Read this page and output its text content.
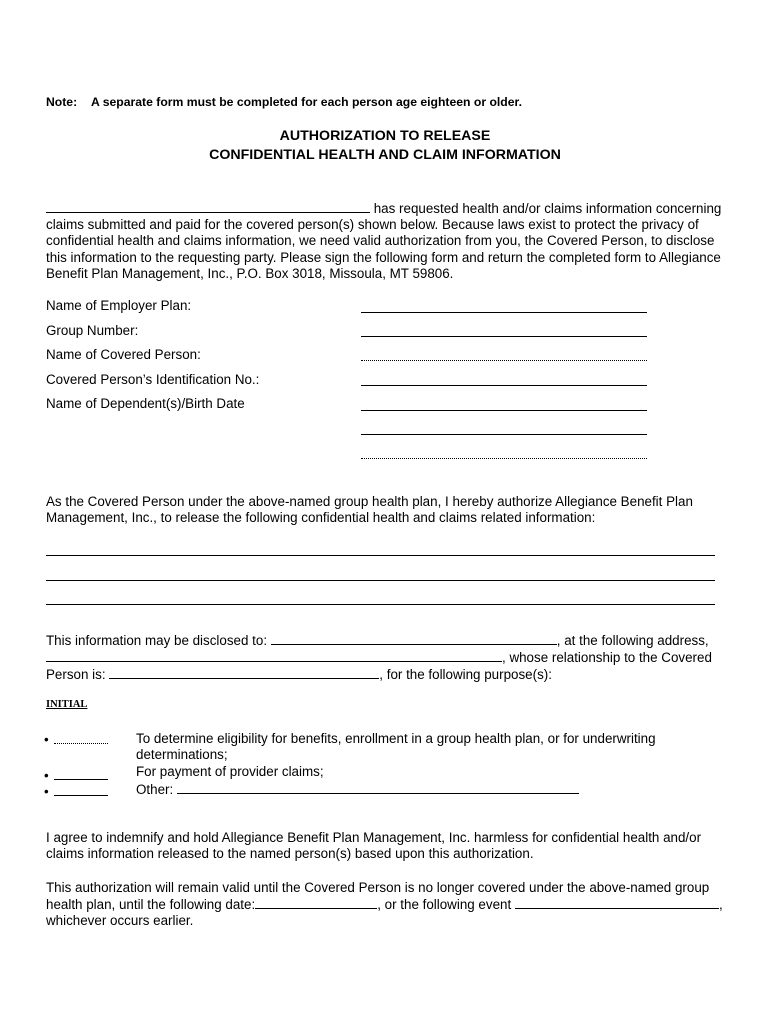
Note: A separate form must be completed for each person age eighteen or older.
AUTHORIZATION TO RELEASE
CONFIDENTIAL HEALTH AND CLAIM INFORMATION
has requested health and/or claims information concerning claims submitted and paid for the covered person(s) shown below. Because laws exist to protect the privacy of confidential health and claims information, we need valid authorization from you, the Covered Person, to disclose this information to the requesting party. Please sign the following form and return the completed form to Allegiance Benefit Plan Management, Inc., P.O. Box 3018, Missoula, MT 59806.
Name of Employer Plan:
Group Number:
Name of Covered Person:
Covered Person’s Identification No.:
Name of Dependent(s)/Birth Date
As the Covered Person under the above-named group health plan, I hereby authorize Allegiance Benefit Plan Management, Inc., to release the following confidential health and claims related information:
This information may be disclosed to:	, at the following address,
, whose relationship to the Covered
Person is:	, for the following purpose(s):
INITIAL
•
•
•
To determine eligibility for benefits, enrollment in a group health plan, or for underwriting
determinations;
For payment of provider claims;
Other:
I agree to indemnify and hold Allegiance Benefit Plan Management, Inc. harmless for confidential health and/or claims information released to the named person(s) based upon this authorization.
This authorization will remain valid until the Covered Person is no longer covered under the above-named group
health plan, until the following date:	, or the following event	,
whichever occurs earlier.
